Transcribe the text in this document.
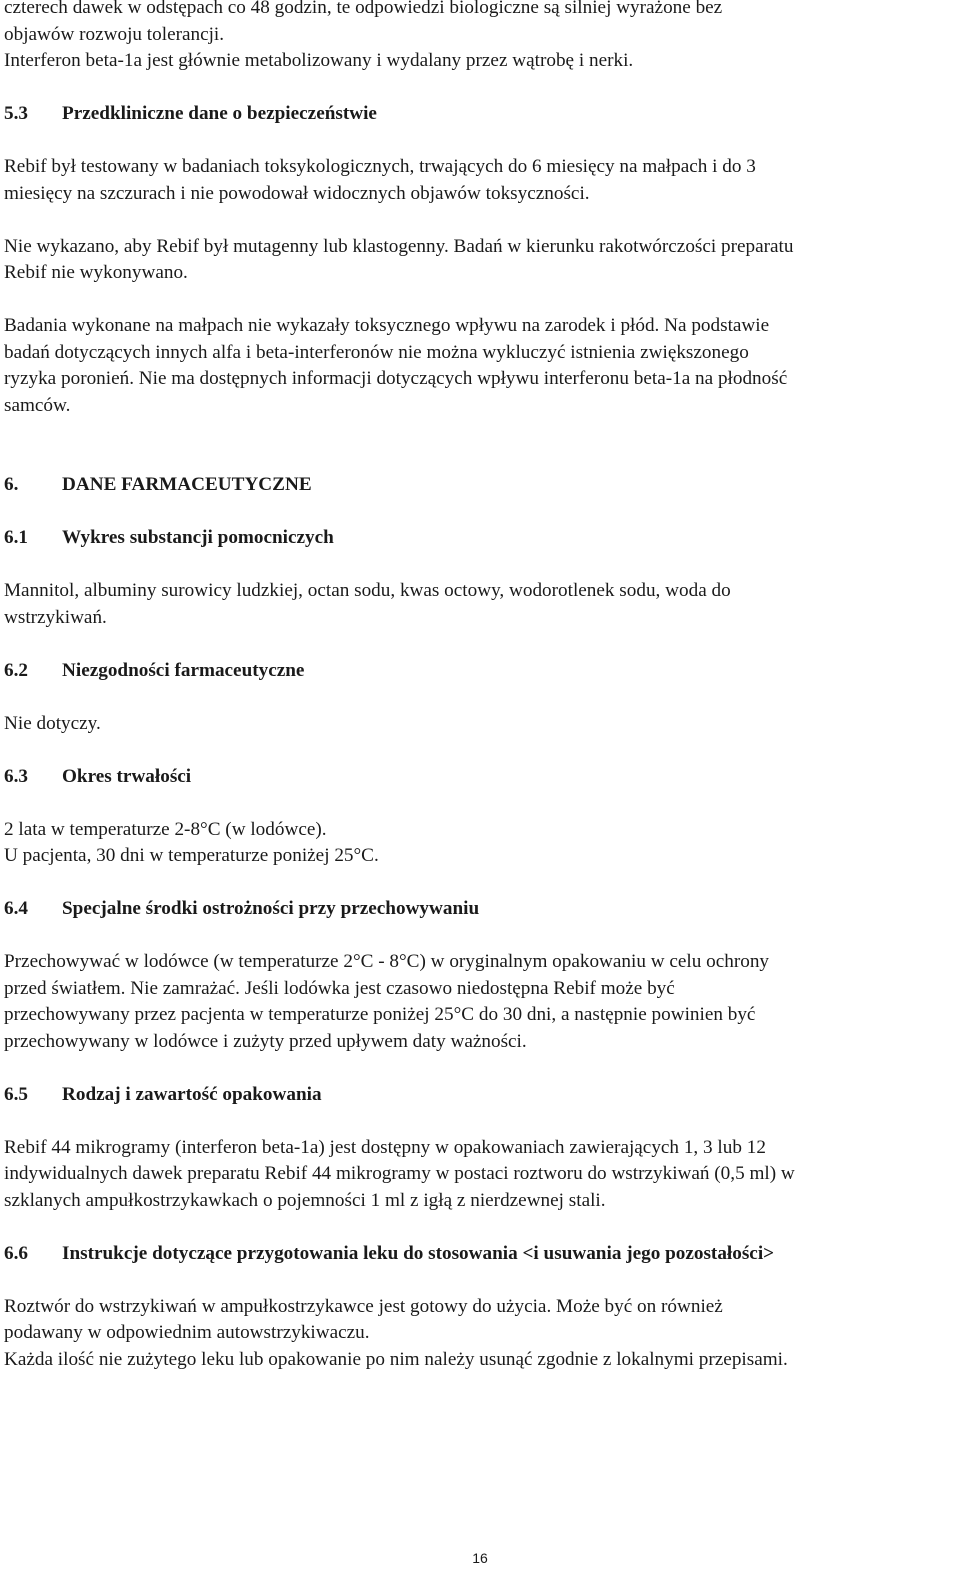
czterech dawek w odstępach co 48 godzin, te odpowiedzi biologiczne są silniej wyrażone bez
objawów rozwoju tolerancji.
Interferon beta-1a jest głównie metabolizowany i wydalany przez wątrobę i nerki.

5.3 Przedkliniczne dane o bezpieczeństwie

Rebif był testowany w badaniach toksykologicznych, trwających do 6 miesięcy na małpach i do 3
miesięcy na szczurach i nie powodował widocznych objawów toksyczności.

Nie wykazano, aby Rebif był mutagenny lub klastogenny. Badań w kierunku rakotwórczości preparatu
Rebif nie wykonywano.

Badania wykonane na małpach nie wykazały toksycznego wpływu na zarodek i płód. Na podstawie
badań dotyczących innych alfa i beta-interferonów nie można wykluczyć istnienia zwiększonego
ryzyka poronień. Nie ma dostępnych informacji dotyczących wpływu interferonu beta-1a na płodność
samców.

6. DANE FARMACEUTYCZNE
6.1 Wykres substancji pomocniczych

Mannitol, albuminy surowicy ludzkiej, octan sodu, kwas octowy, wodorotlenek sodu, woda do
wstrzykiwań.

6.2 Niezgodności farmaceutyczne

Nie dotyczy.

6.3 Okres trwałości

2 lata w temperaturze 2-8°C (w lodówce).
U pacjenta, 30 dni w temperaturze poniżej 25°C.

6.4 Specjalne środki ostrożności przy przechowywaniu

Przechowywać w lodówce (w temperaturze 2°C - 8°C) w oryginalnym opakowaniu w celu ochrony
przed światłem. Nie zamrażać. Jeśli lodówka jest czasowo niedostępna Rebif może być
przechowywany przez pacjenta w temperaturze poniżej 25°C do 30 dni, a następnie powinien być
przechowywany w lodówce i zużyty przed upływem daty ważności.

6.5 Rodzaj i zawartość opakowania

Rebif 44 mikrogramy (interferon beta-1a) jest dostępny w opakowaniach zawierających 1, 3 lub 12
indywidualnych dawek preparatu Rebif 44 mikrogramy w postaci roztworu do wstrzykiwań (0,5 ml) w
szklanych ampułkostrzykawkach o pojemności 1 ml z igłą z nierdzewnej stali.

6.6 Instrukcje dotyczące przygotowania leku do stosowania <i usuwania jego pozostałości>

Roztwór do wstrzykiwań w ampułkostrzykawce jest gotowy do użycia. Może być on również
podawany w odpowiednim autowstrzykiwaczu.
Każda ilość nie zużytego leku lub opakowanie po nim należy usunąć zgodnie z lokalnymi przepisami.

16
